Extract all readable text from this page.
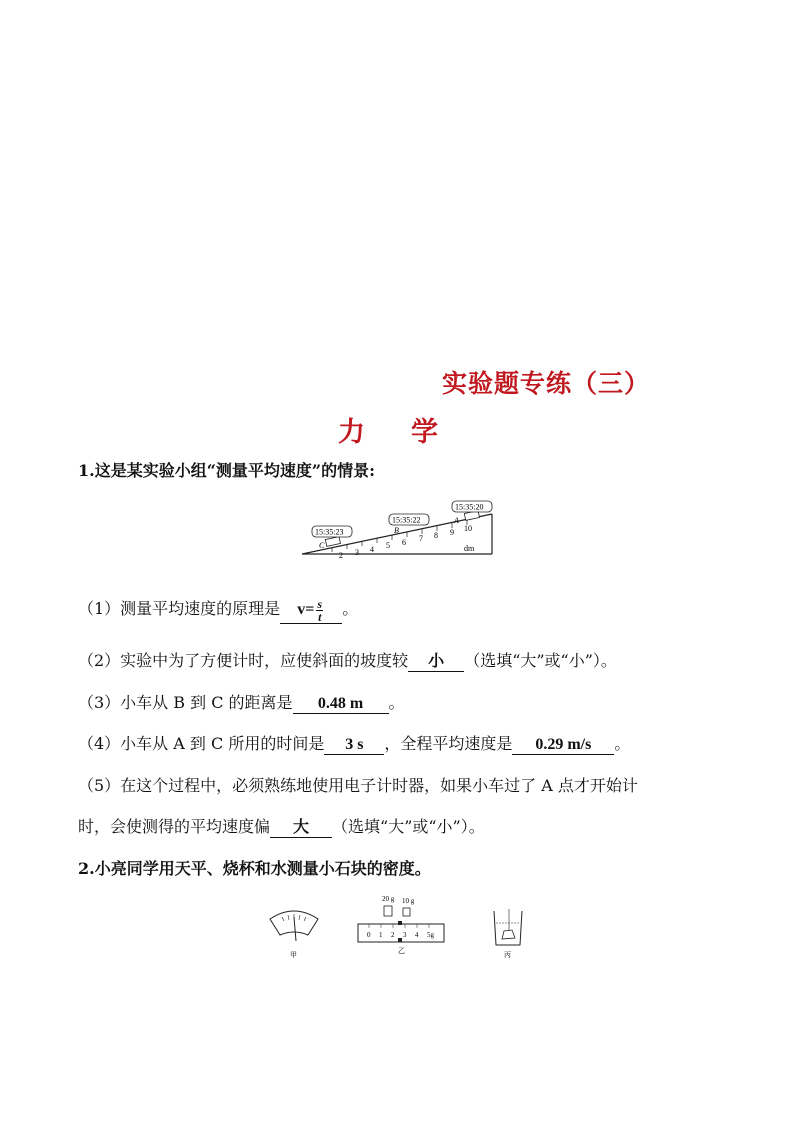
实验题专练（三）
力学
1.这是某实验小组“测量平均速度”的情景:
2 3 4 5 6 7 8 9 10
dm
C
B
A
15:35:23
15:35:22
15:35:20
（1）测量平均速度的原理是 $v= \frac{s}{t}$ 。
（2）实验中为了方便计时，应使斜面的坡度较 小 （选填“大”或“小”）。
（3）小车从 B 到 C 的距离是 0.48 m 。
（4）小车从 A 到 C 所用的时间是 3 s ，全程平均速度是 0.29 m/s 。
（5）在这个过程中，必须熟练地使用电子计时器，如果小车过了 A 点才开始计
时，会使测得的平均速度偏 大 （选填“大”或“小”）。
2.小亮同学用天平、烧杯和水测量小石块的密度。
甲
20 g 10 g
0 1 2 3 4 5g
乙	丙
